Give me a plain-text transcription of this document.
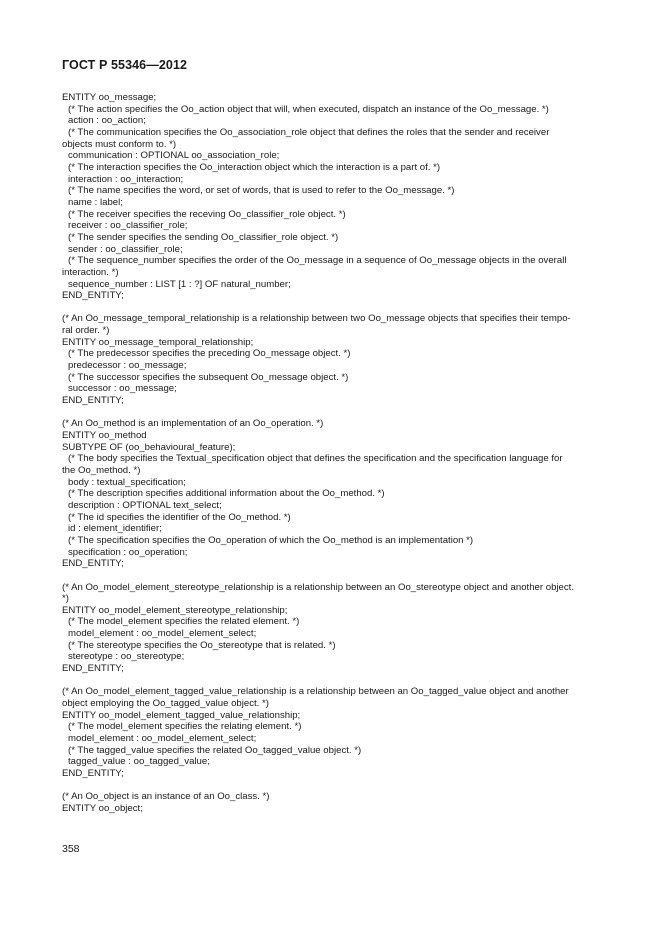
ГОСТ Р 55346—2012
ENTITY oo_message;
(* The action specifies the Oo_action object that will, when executed, dispatch an instance of the Oo_message. *)
action : oo_action;
(* The communication specifies the Oo_association_role object that defines the roles that the sender and receiver
objects must conform to. *)
communication : OPTIONAL oo_association_role;
(* The interaction specifies the Oo_interaction object which the interaction is a part of. *)
interaction : oo_interaction;
(* The name specifies the word, or set of words, that is used to refer to the Oo_message. *)
name : label;
(* The receiver specifies the receving Oo_classifier_role object. *)
receiver : oo_classifier_role;
(* The sender specifies the sending Oo_classifier_role object. *)
sender : oo_classifier_role;
(* The sequence_number specifies the order of the Oo_message in a sequence of Oo_message objects in the overall
interaction. *)
sequence_number : LIST [1 : ?] OF natural_number;
END_ENTITY;
(* An Oo_message_temporal_relationship is a relationship between two Oo_message objects that specifies their tempo-
ral order. *)
ENTITY oo_message_temporal_relationship;
(* The predecessor specifies the preceding Oo_message object. *)
predecessor : oo_message;
(* The successor specifies the subsequent Oo_message object. *)
successor : oo_message;
END_ENTITY;
(* An Oo_method is an implementation of an Oo_operation. *)
ENTITY oo_method
SUBTYPE OF (oo_behavioural_feature);
(* The body specifies the Textual_specification object that defines the specification and the specification language for
the Oo_method. *)
body : textual_specification;
(* The description specifies additional information about the Oo_method. *)
description : OPTIONAL text_select;
(* The id specifies the identifier of the Oo_method. *)
id : element_identifier;
(* The specification specifies the Oo_operation of which the Oo_method is an implementation *)
specification : oo_operation;
END_ENTITY;
(* An Oo_model_element_stereotype_relationship is a relationship between an Oo_stereotype object and another object.
*)
ENTITY oo_model_element_stereotype_relationship;
(* The model_element specifies the related element. *)
model_element : oo_model_element_select;
(* The stereotype specifies the Oo_stereotype that is related. *)
stereotype : oo_stereotype;
END_ENTITY;
(* An Oo_model_element_tagged_value_relationship is a relationship between an Oo_tagged_value object and another
object employing the Oo_tagged_value object. *)
ENTITY oo_model_element_tagged_value_relationship;
(* The model_element specifies the relating element. *)
model_element : oo_model_element_select;
(* The tagged_value specifies the related Oo_tagged_value object. *)
tagged_value : oo_tagged_value;
END_ENTITY;
(* An Oo_object is an instance of an Oo_class. *)
ENTITY oo_object;
358
